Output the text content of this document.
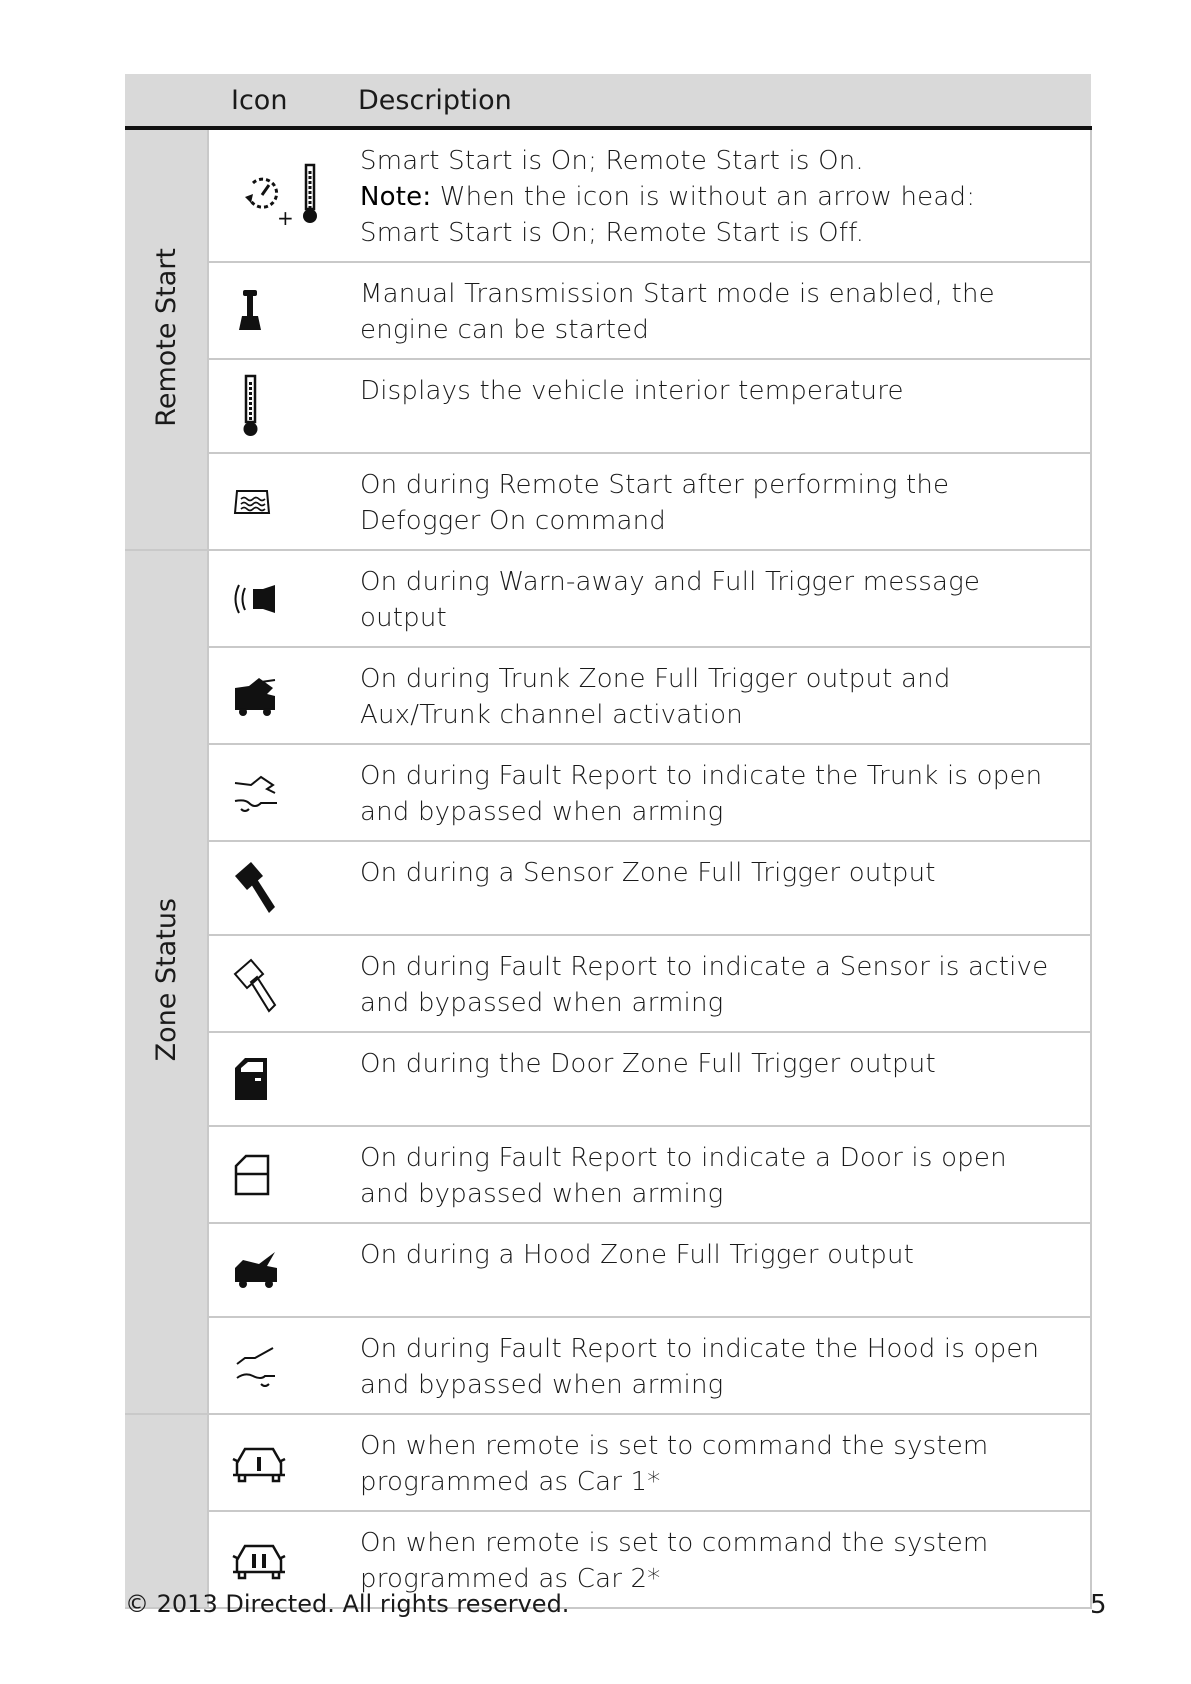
	Icon	Description
Remote Start	+	Smart Start is On; Remote Start is On.
Note: When the icon is without an arrow head: Smart Start is On; Remote Start is Off.

Manual Transmission Start mode is enabled, the engine can be started

Displays the vehicle interior temperature

On during Remote Start after performing the Defogger On command

Zone Status		On during Warn-away and Full Trigger message output

On during Trunk Zone Full Trigger output and Aux/Trunk channel activation

On during Fault Report to indicate the Trunk is open and bypassed when arming

On during a Sensor Zone Full Trigger output

On during Fault Report to indicate a Sensor is active and bypassed when arming

On during the Door Zone Full Trigger output

On during Fault Report to indicate a Door is open and bypassed when arming

On during a Hood Zone Full Trigger output

On during Fault Report to indicate the Hood is open and bypassed when arming

On when remote is set to command the system programmed as Car 1*

On when remote is set to command the system programmed as Car 2*
© 2013 Directed. All rights reserved.	5
